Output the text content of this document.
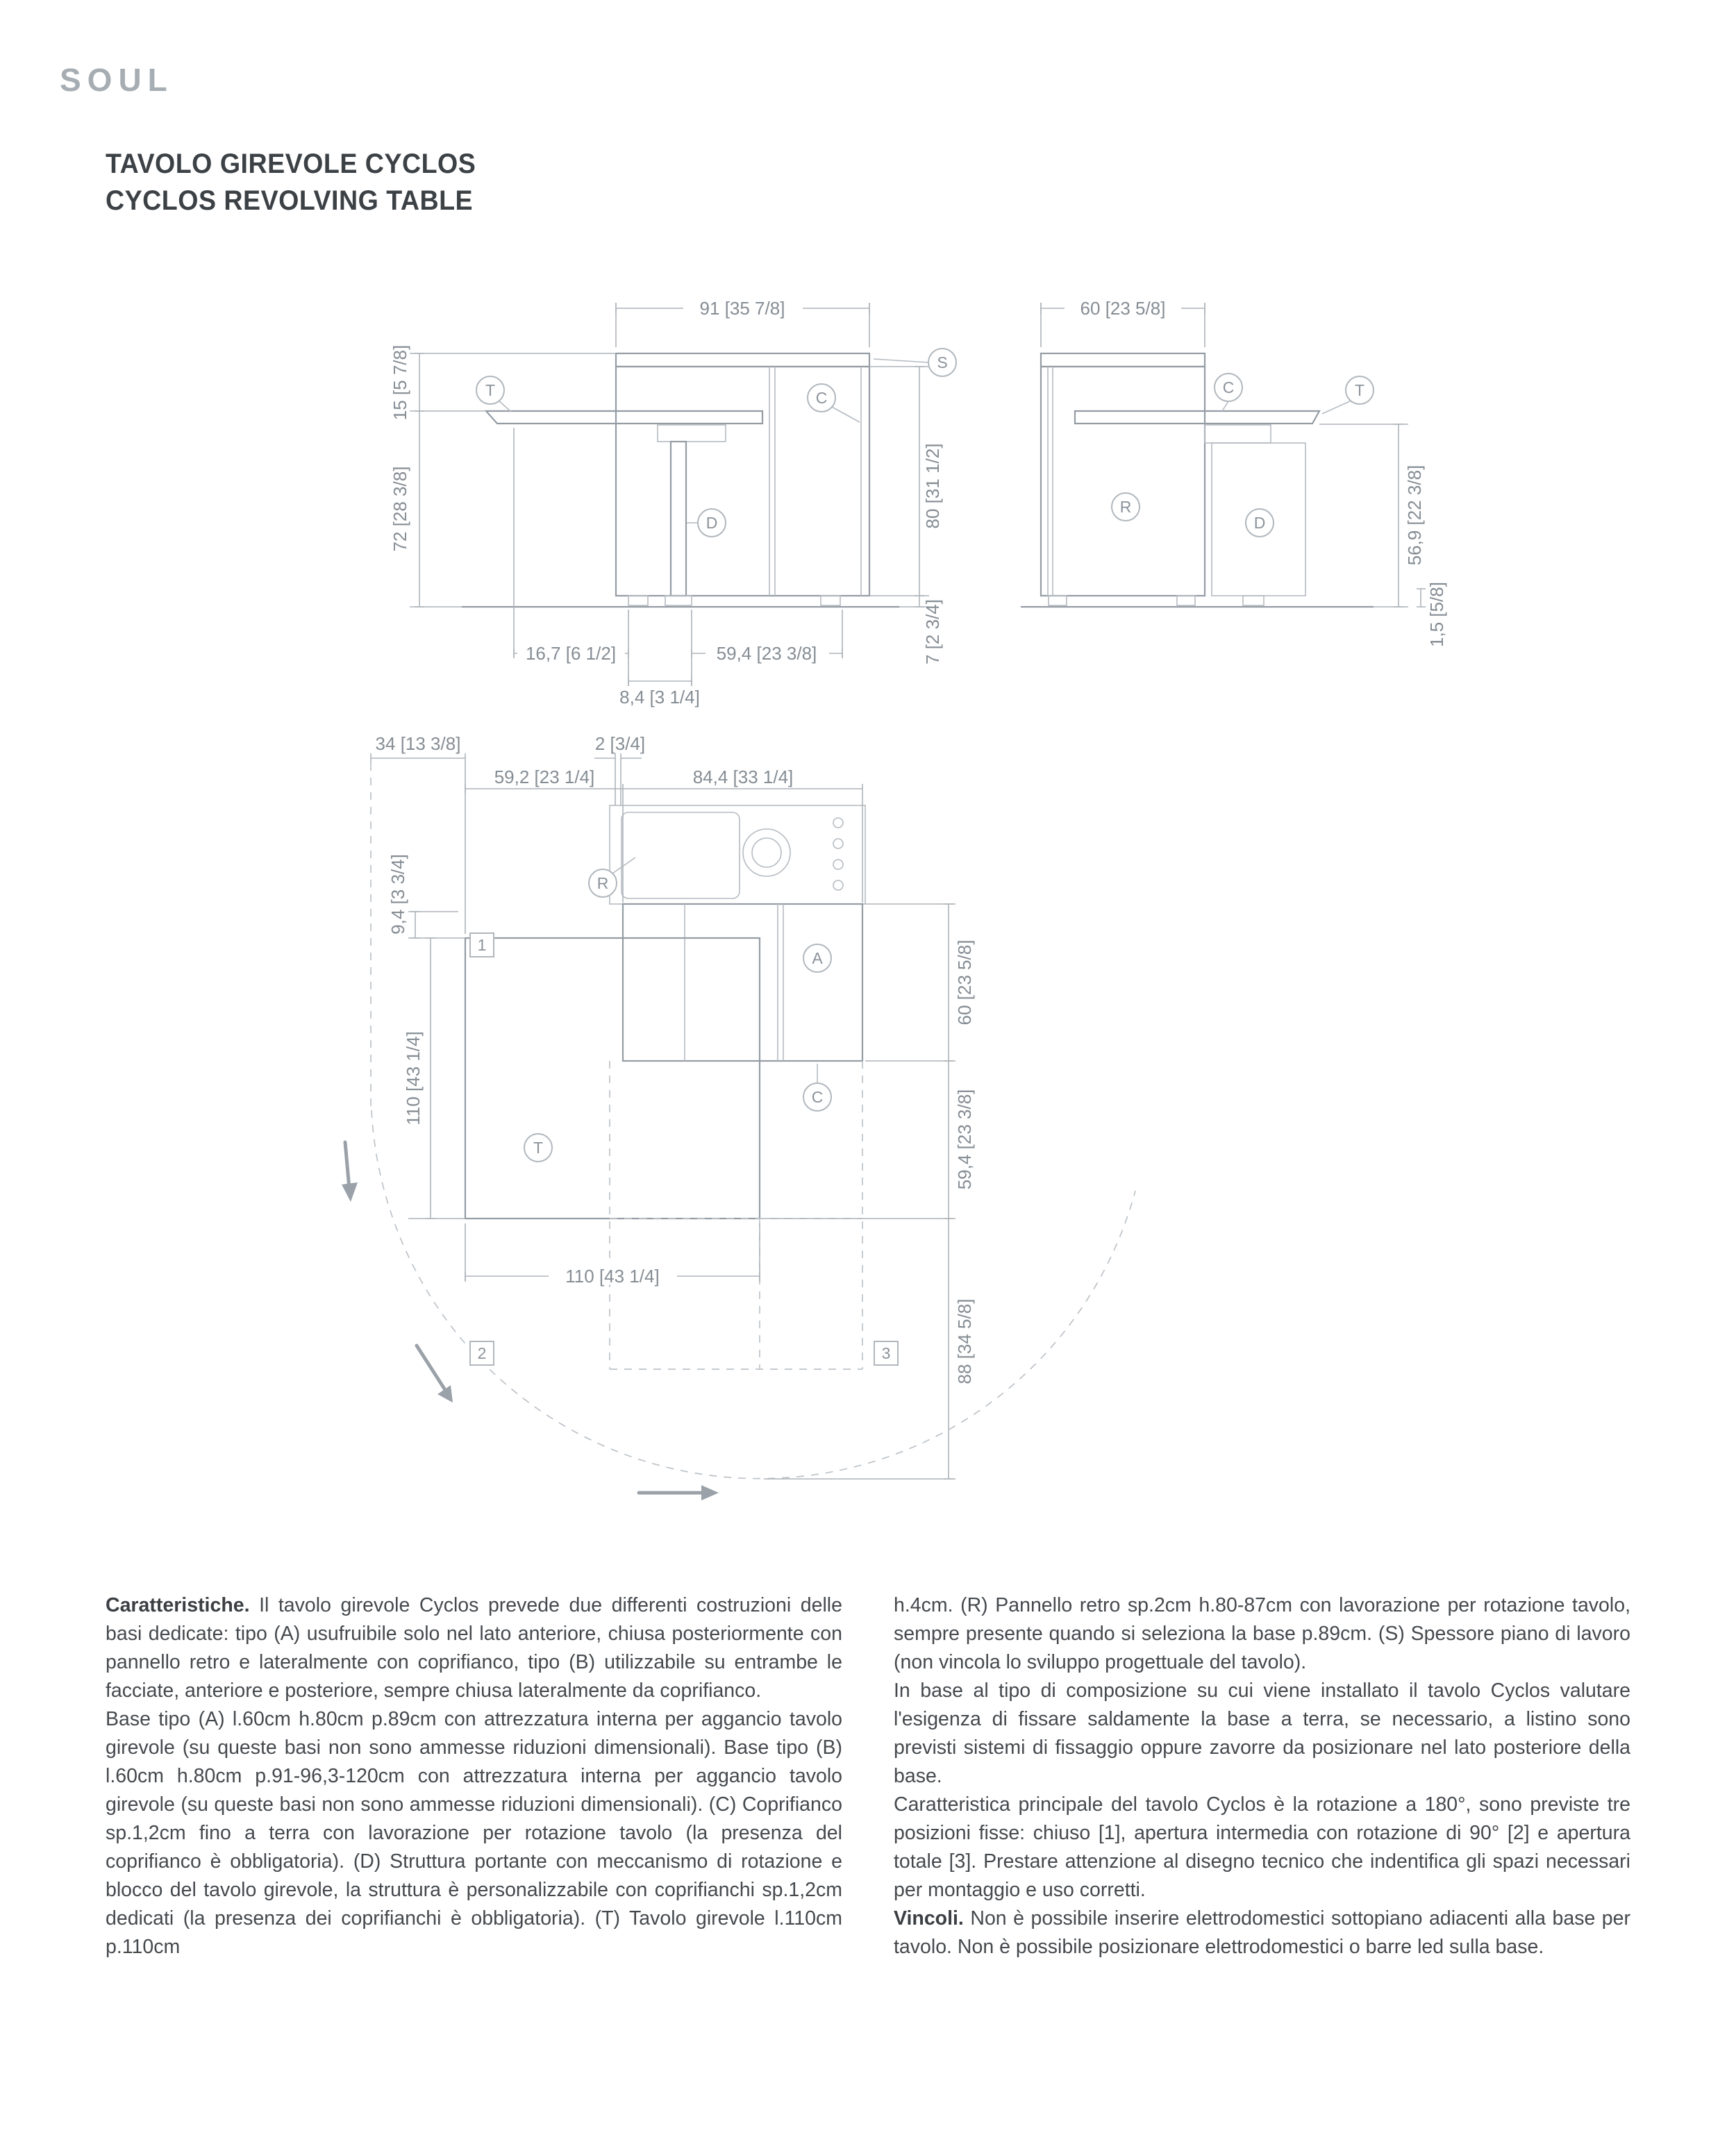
SOUL
TAVOLO GIREVOLE CYCLOS
CYCLOS REVOLVING TABLE
91 [35 7/8]
15 [5 7/8]
72 [28 3/8]	80 [31 1/2]
7 [2 3/4]
16,7 [6 1/2]	59,4 [23 3/8]
8,4 [3 1/4]
T	C
D
S
60 [23 5/8]
56,9 [22 3/8]
1,5 [5/8]
C	T
R
D
34 [13 3/8]	2 [3/4]
59,2 [23 1/4]	84,4 [33 1/4]
9,4 [3 3/4]
110 [43 1/4]
60 [23 5/8]
59,4 [23 3/8]
88 [34 5/8]
110 [43 1/4]
R
A
C
T
1
2	3

Caratteristiche. Il tavolo girevole Cyclos prevede due differenti costruzioni delle basi dedicate: tipo (A) usufruibile solo nel lato anteriore, chiusa posteriormente con pannello retro e lateralmente con coprifianco, tipo (B) utilizzabile su entrambe le facciate, anteriore e posteriore, sempre chiusa lateralmente da coprifianco.

Base tipo (A) l.60cm h.80cm p.89cm con attrezzatura interna per aggancio tavolo girevole (su queste basi non sono ammesse riduzioni dimensionali). Base tipo (B) l.60cm h.80cm p.91-96,3-120cm con attrezzatura interna per aggancio tavolo girevole (su queste basi non sono ammesse riduzioni dimensionali). (C) Coprifianco sp.1,2cm fino a terra con lavorazione per rotazione tavolo (la presenza del coprifianco è obbligatoria). (D) Struttura portante con meccanismo di rotazione e blocco del tavolo girevole, la struttura è personalizzabile con coprifianchi sp.1,2cm dedicati (la presenza dei coprifianchi è obbligatoria). (T) Tavolo girevole l.110cm p.110cm

h.4cm. (R) Pannello retro sp.2cm h.80-87cm con lavorazione per rotazione tavolo, sempre presente quando si seleziona la base p.89cm. (S) Spessore piano di lavoro (non vincola lo sviluppo progettuale del tavolo).

In base al tipo di composizione su cui viene installato il tavolo Cyclos valutare l'esigenza di fissare saldamente la base a terra, se necessario, a listino sono previsti sistemi di fissaggio oppure zavorre da posizionare nel lato posteriore della base.

Caratteristica principale del tavolo Cyclos è la rotazione a 180°, sono previste tre posizioni fisse: chiuso [1], apertura intermedia con rotazione di 90° [2] e apertura totale [3]. Prestare attenzione al disegno tecnico che indentifica gli spazi necessari per montaggio e uso corretti.

Vincoli. Non è possibile inserire elettrodomestici sottopiano adiacenti alla base per tavolo. Non è possibile posizionare elettrodomestici o barre led sulla base.
